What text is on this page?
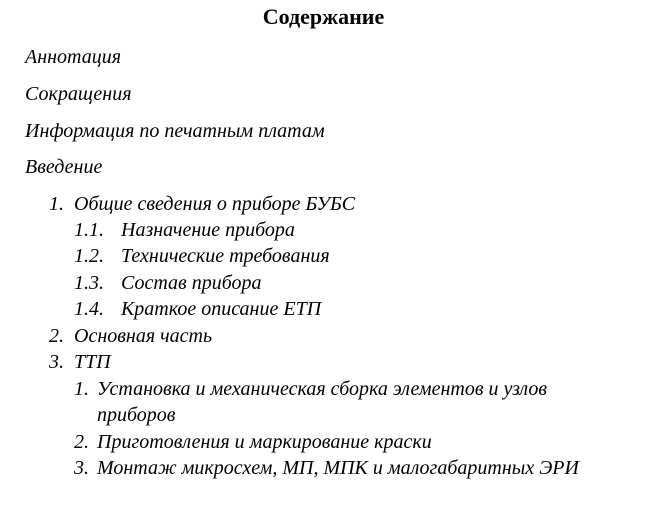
Содержание
Аннотация
Сокращения
Информация по печатным платам
Введение
1. Общие сведения о приборе БУБС
1.1. Назначение прибора
1.2. Технические требования
1.3. Состав прибора
1.4. Краткое описание ЕТП
2. Основная часть
3. ТТП
1. Установка и механическая сборка элементов и узлов
приборов
2. Приготовления и маркирование краски
3. Монтаж микросхем, МП, МПК и малогабаритных ЭРИ
